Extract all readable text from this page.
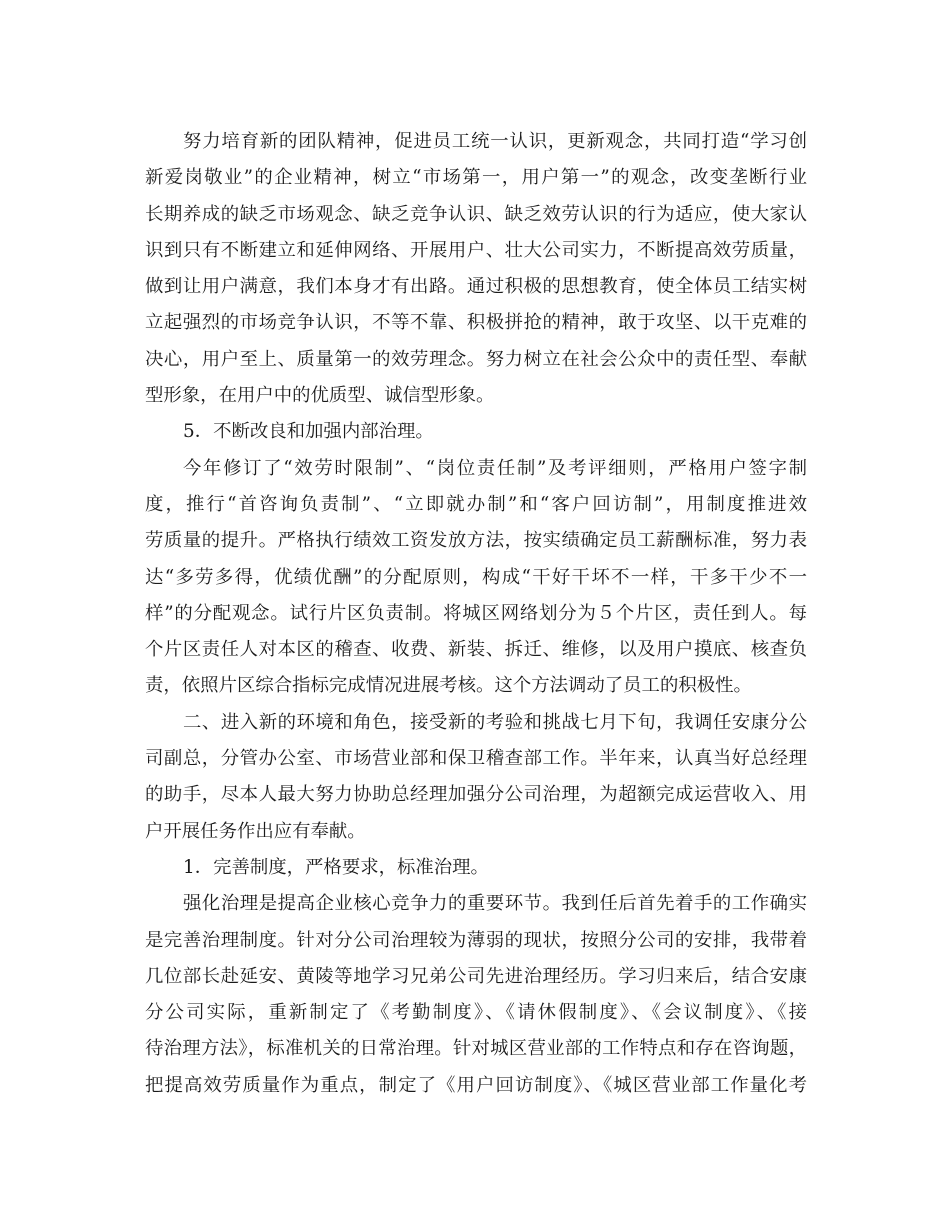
努力培育新的团队精神，促进员工统一认识，更新观念，共同打造“学习创
新爱岗敬业”的企业精神，树立“市场第一，用户第一”的观念，改变垄断行业
长期养成的缺乏市场观念、缺乏竞争认识、缺乏效劳认识的行为适应，使大家认
识到只有不断建立和延伸网络、开展用户、壮大公司实力，不断提高效劳质量，
做到让用户满意，我们本身才有出路。通过积极的思想教育，使全体员工结实树
立起强烈的市场竞争认识，不等不靠、积极拼抢的精神，敢于攻坚、以干克难的
决心，用户至上、质量第一的效劳理念。努力树立在社会公众中的责任型、奉献
型形象，在用户中的优质型、诚信型形象。
5．不断改良和加强内部治理。
今年修订了“效劳时限制”、“岗位责任制”及考评细则，严格用户签字制
度，推行“首咨询负责制”、“立即就办制”和“客户回访制”，用制度推进效
劳质量的提升。严格执行绩效工资发放方法，按实绩确定员工薪酬标准，努力表
达“多劳多得，优绩优酬”的分配原则，构成“干好干坏不一样，干多干少不一
样”的分配观念。试行片区负责制。将城区网络划分为５个片区，责任到人。每
个片区责任人对本区的稽查、收费、新装、拆迁、维修，以及用户摸底、核查负
责，依照片区综合指标完成情况进展考核。这个方法调动了员工的积极性。
二、进入新的环境和角色，接受新的考验和挑战七月下旬，我调任安康分公
司副总，分管办公室、市场营业部和保卫稽查部工作。半年来，认真当好总经理
的助手，尽本人最大努力协助总经理加强分公司治理，为超额完成运营收入、用
户开展任务作出应有奉献。
1．完善制度，严格要求，标准治理。
强化治理是提高企业核心竞争力的重要环节。我到任后首先着手的工作确实
是完善治理制度。针对分公司治理较为薄弱的现状，按照分公司的安排，我带着
几位部长赴延安、黄陵等地学习兄弟公司先进治理经历。学习归来后，结合安康
分公司实际，重新制定了《考勤制度》、《请休假制度》、《会议制度》、《接
待治理方法》，标准机关的日常治理。针对城区营业部的工作特点和存在咨询题，
把提高效劳质量作为重点，制定了《用户回访制度》、《城区营业部工作量化考
